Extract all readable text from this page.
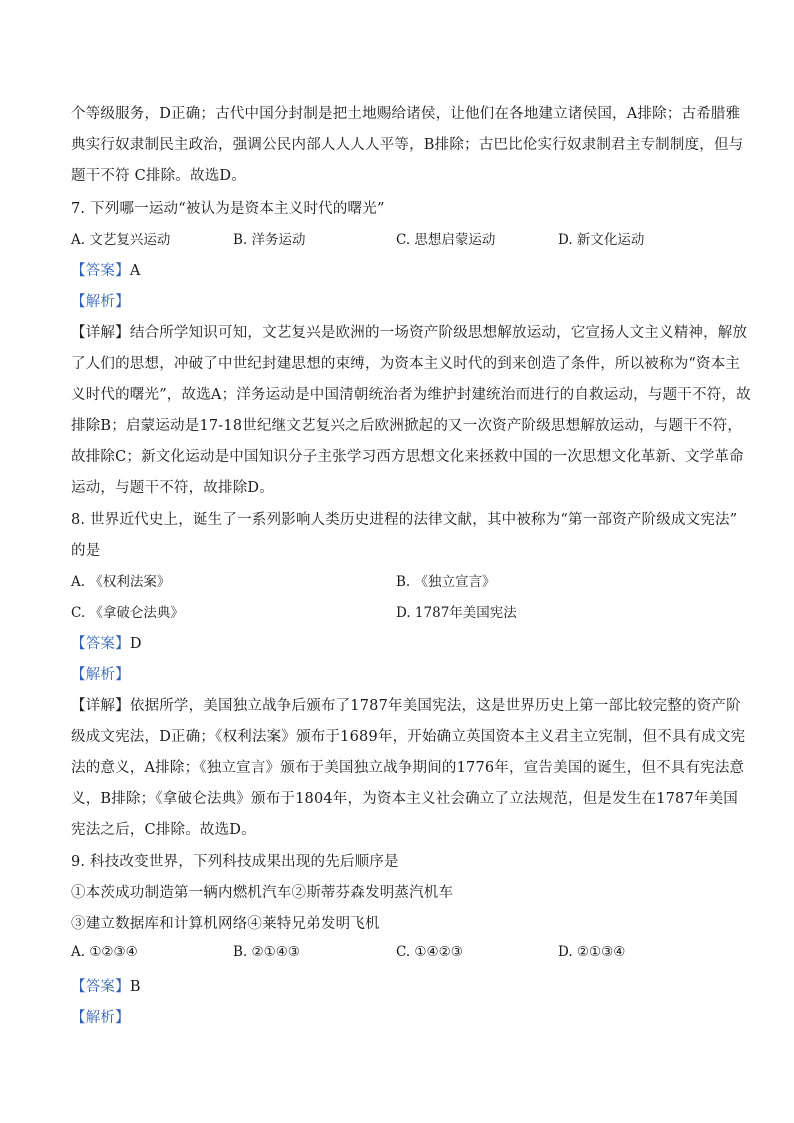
个等级服务，D正确；古代中国分封制是把土地赐给诸侯，让他们在各地建立诸侯国，A排除；古希腊雅
典实行奴隶制民主政治，强调公民内部人人人人平等，B排除；古巴比伦实行奴隶制君主专制制度，但与
题干不符 C排除。故选D。
7. 下列哪一运动“被认为是资本主义时代的曙光”
A. 文艺复兴运动	B. 洋务运动	C. 思想启蒙运动	D. 新文化运动
【答案】A
【解析】
【详解】结合所学知识可知，文艺复兴是欧洲的一场资产阶级思想解放运动，它宣扬人文主义精神，解放
了人们的思想，冲破了中世纪封建思想的束缚，为资本主义时代的到来创造了条件，所以被称为“资本主
义时代的曙光”，故选A；洋务运动是中国清朝统治者为维护封建统治而进行的自救运动，与题干不符，故
排除B；启蒙运动是17-18世纪继文艺复兴之后欧洲掀起的又一次资产阶级思想解放运动，与题干不符，
故排除C；新文化运动是中国知识分子主张学习西方思想文化来拯救中国的一次思想文化革新、文学革命
运动，与题干不符，故排除D。
8. 世界近代史上，诞生了一系列影响人类历史进程的法律文献，其中被称为“第一部资产阶级成文宪法”
的是
A. 《权利法案》	B. 《独立宣言》
C. 《拿破仑法典》	D. 1787年美国宪法
【答案】D
【解析】
【详解】依据所学，美国独立战争后颁布了1787年美国宪法，这是世界历史上第一部比较完整的资产阶
级成文宪法，D正确；《权利法案》颁布于1689年，开始确立英国资本主义君主立宪制，但不具有成文宪
法的意义，A排除；《独立宣言》颁布于美国独立战争期间的1776年，宣告美国的诞生，但不具有宪法意
义，B排除；《拿破仑法典》颁布于1804年，为资本主义社会确立了立法规范，但是发生在1787年美国
宪法之后，C排除。故选D。
9. 科技改变世界，下列科技成果出现的先后顺序是
①本茨成功制造第一辆内燃机汽车②斯蒂芬森发明蒸汽机车
③建立数据库和计算机网络④莱特兄弟发明飞机
A. ①②③④	B. ②①④③	C. ①④②③	D. ②①③④
【答案】B
【解析】
